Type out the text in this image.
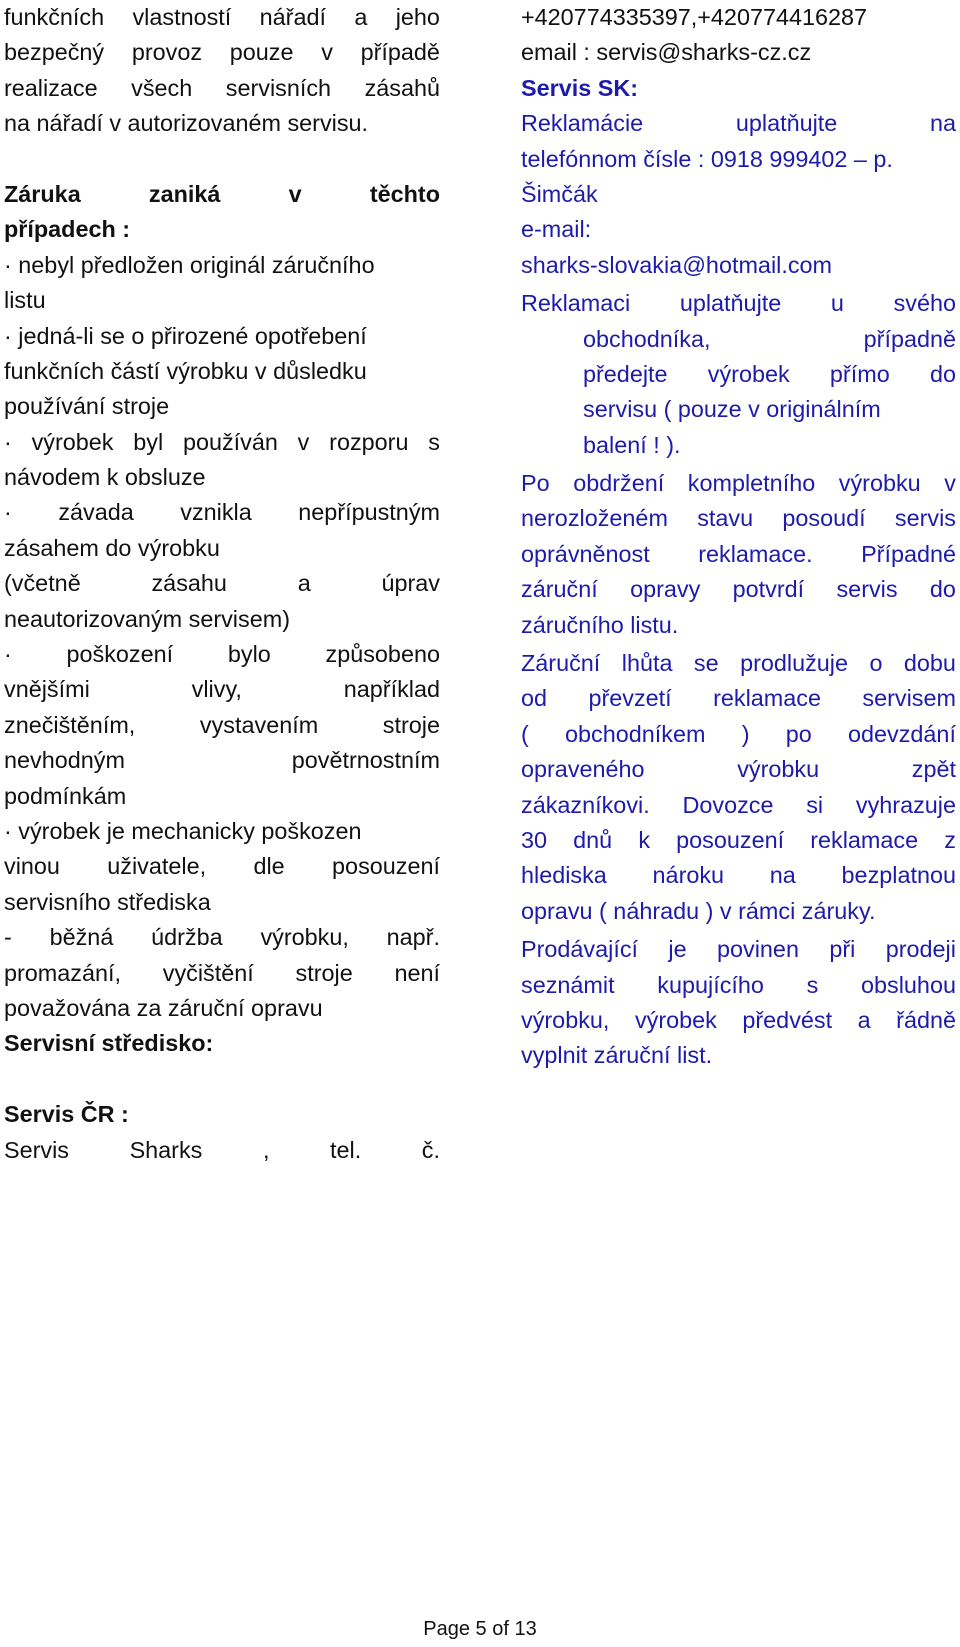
funkčních vlastností nářadí a jeho
bezpečný provoz pouze v případě
realizace všech servisních zásahů
na nářadí v autorizovaném servisu.
Záruka	zaniká	v	těchto
případech :
· nebyl předložen originál záručního
listu
· jedná-li se o přirozené opotřebení
funkčních částí výrobku v důsledku
používání stroje
· výrobek byl používán v rozporu s
návodem k obsluze
· závada vznikla nepřípustným
zásahem do výrobku
(včetně	zásahu	a	úprav
neautorizovaným servisem)
· poškození bylo způsobeno
vnějšími	vlivy,	například
znečištěním,	vystavením	stroje
nevhodným	povětrnostním
podmínkám
· výrobek je mechanicky poškozen
vinou uživatele, dle posouzení
servisního střediska
- běžná údržba výrobku, např.
promazání, vyčištění stroje není
považována za záruční opravu
Servisní středisko:
Servis ČR :
Servis	Sharks	,	tel.	č.
+420774335397,+420774416287
email : servis@sharks-cz.cz
Servis SK:
Reklamácie	uplatňujte	na
telefónnom čísle : 0918 999402 – p.
Šimčák
e-mail:
sharks-slovakia@hotmail.com
Reklamaci uplatňujte u svého
obchodníka,	případně
předejte výrobek přímo do
servisu ( pouze v originálním
balení ! ).
Po obdržení kompletního výrobku v
nerozloženém stavu posoudí servis
oprávněnost reklamace. Případné
záruční opravy potvrdí servis do
záručního listu.
Záruční lhůta se prodlužuje o dobu
od převzetí reklamace servisem
( obchodníkem ) po odevzdání
opraveného	výrobku	zpět
zákazníkovi. Dovozce si vyhrazuje
30 dnů k posouzení reklamace z
hlediska nároku na bezplatnou
opravu ( náhradu ) v rámci záruky.
Prodávající je povinen při prodeji
seznámit kupujícího s obsluhou
výrobku, výrobek předvést a řádně
vyplnit záruční list.
Page 5 of 13
